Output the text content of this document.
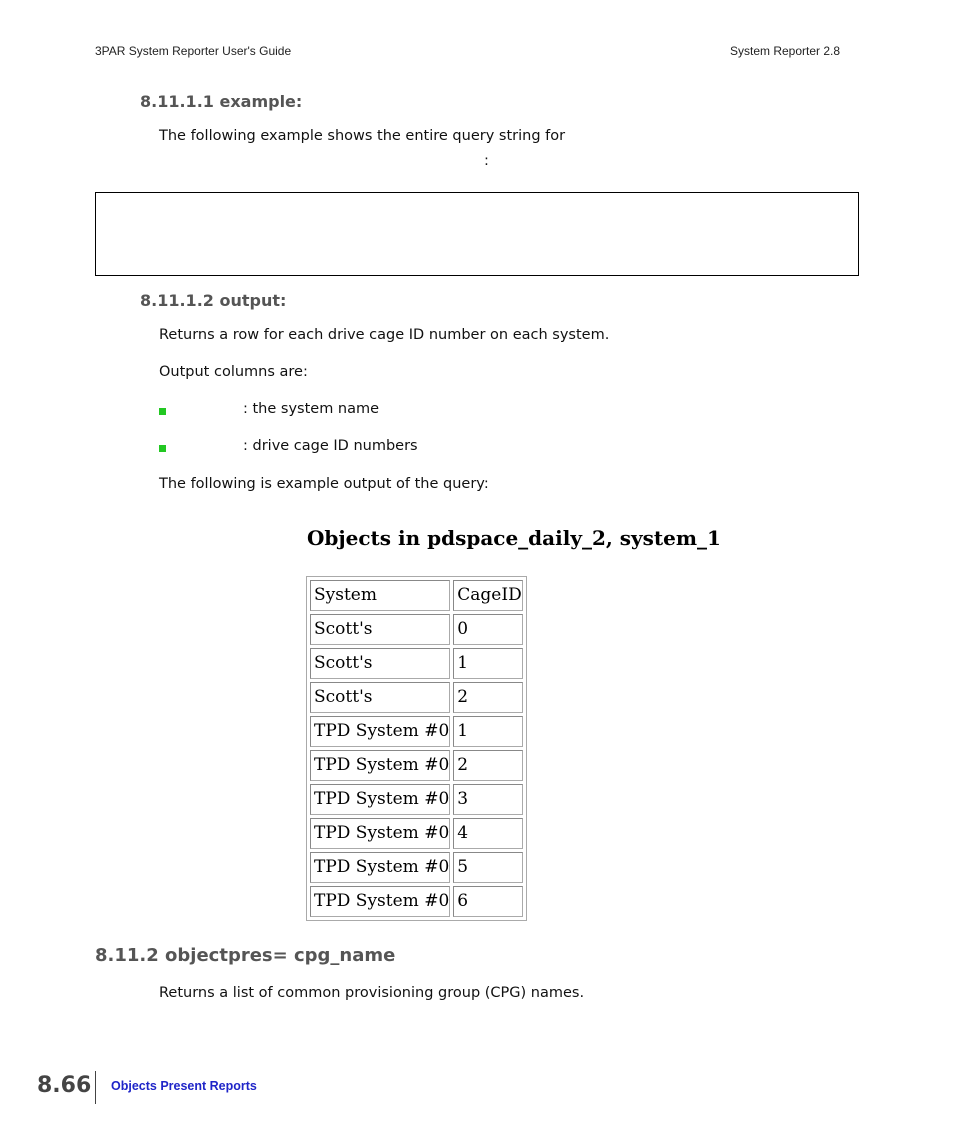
3PAR System Reporter User's Guide	System Reporter 2.8
8.11.1.1 example:
The following example shows the entire query string for
:
8.11.1.2 output:
Returns a row for each drive cage ID number on each system.
Output columns are:
: the system name
: drive cage ID numbers
The following is example output of the query:
Objects in pdspace_daily_2, system_1
System	CageID
Scott's	0
Scott's	1
Scott's	2
TPD System #0	1
TPD System #0	2
TPD System #0	3
TPD System #0	4
TPD System #0	5
TPD System #0	6
8.11.2 objectpres= cpg_name
Returns a list of common provisioning group (CPG) names.
8.66 Objects Present Reports
